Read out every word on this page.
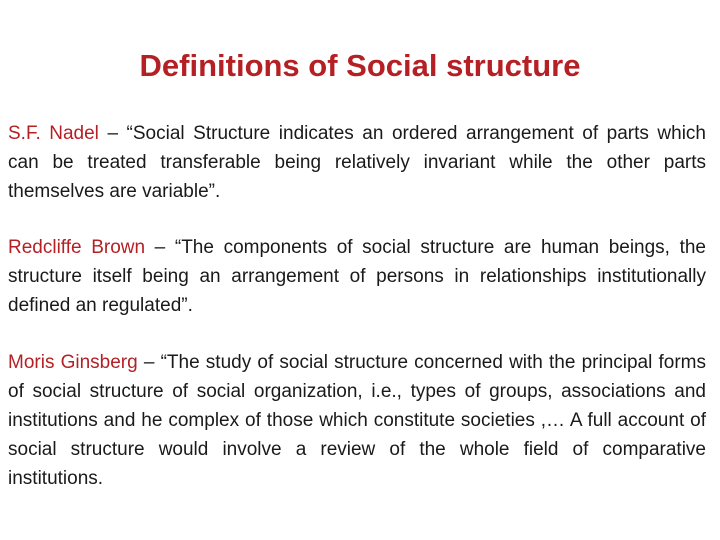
Definitions of Social structure

S.F. Nadel – “Social Structure indicates an ordered arrangement of parts which can be treated transferable being relatively invariant while the other parts themselves are variable”.

Redcliffe Brown – “The components of social structure are human beings, the structure itself being an arrangement of persons in relationships institutionally defined an regulated”.

Moris Ginsberg – “The study of social structure concerned with the principal forms of social structure of social organization, i.e., types of groups, associations and institutions and he complex of those which constitute societies ,… A full account of social structure would involve a review of the whole field of comparative institutions.
